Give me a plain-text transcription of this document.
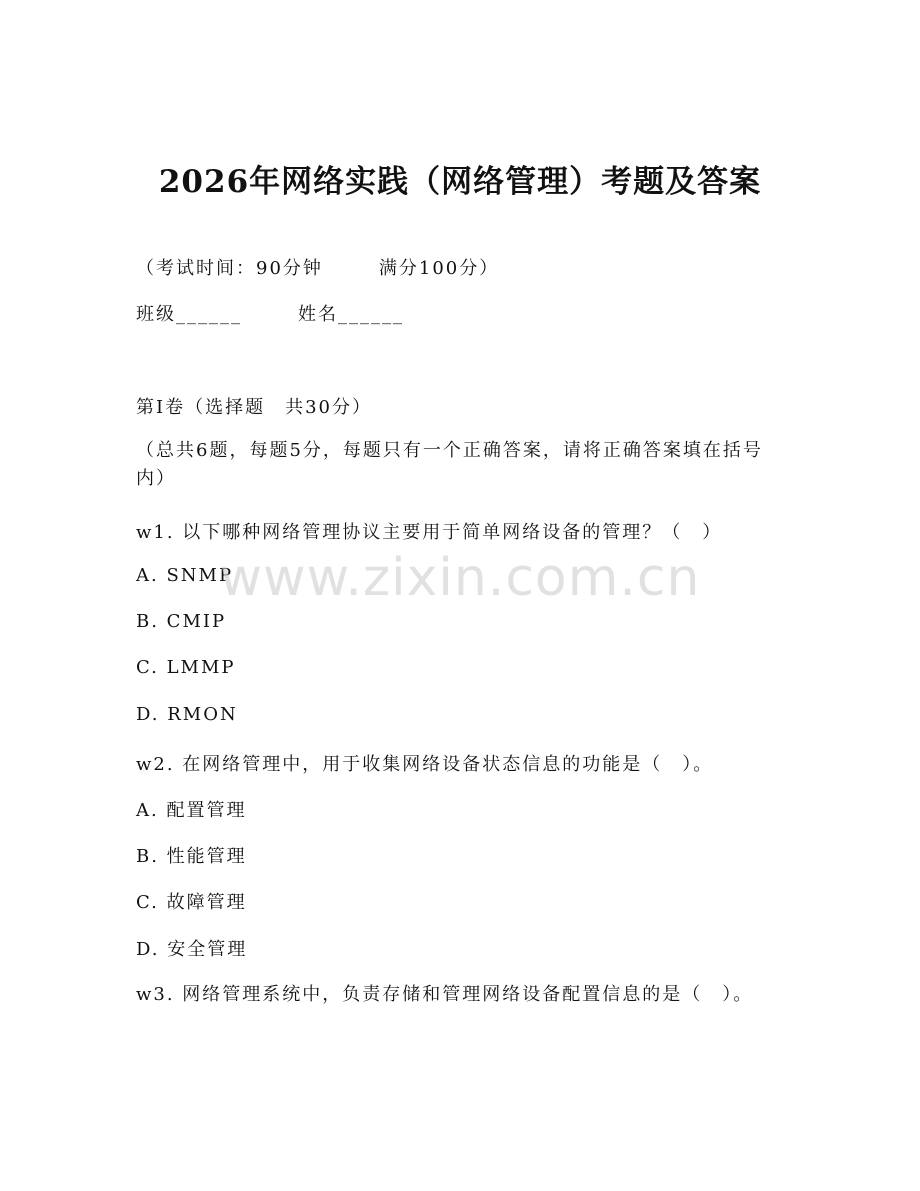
2026年网络实践（网络管理）考题及答案
（考试时间：90分钟	满分100分）
班级______	姓名______
第I卷（选择题　共30分）
（总共6题，每题5分，每题只有一个正确答案，请将正确答案填在括号内）
w1. 以下哪种网络管理协议主要用于简单网络设备的管理？（　）
A. SNMP
B. CMIP
C. LMMP
D. RMON
w2. 在网络管理中，用于收集网络设备状态信息的功能是（　）。
A. 配置管理
B. 性能管理
C. 故障管理
D. 安全管理
w3. 网络管理系统中，负责存储和管理网络设备配置信息的是（　）。
www.zixin.com.cn
